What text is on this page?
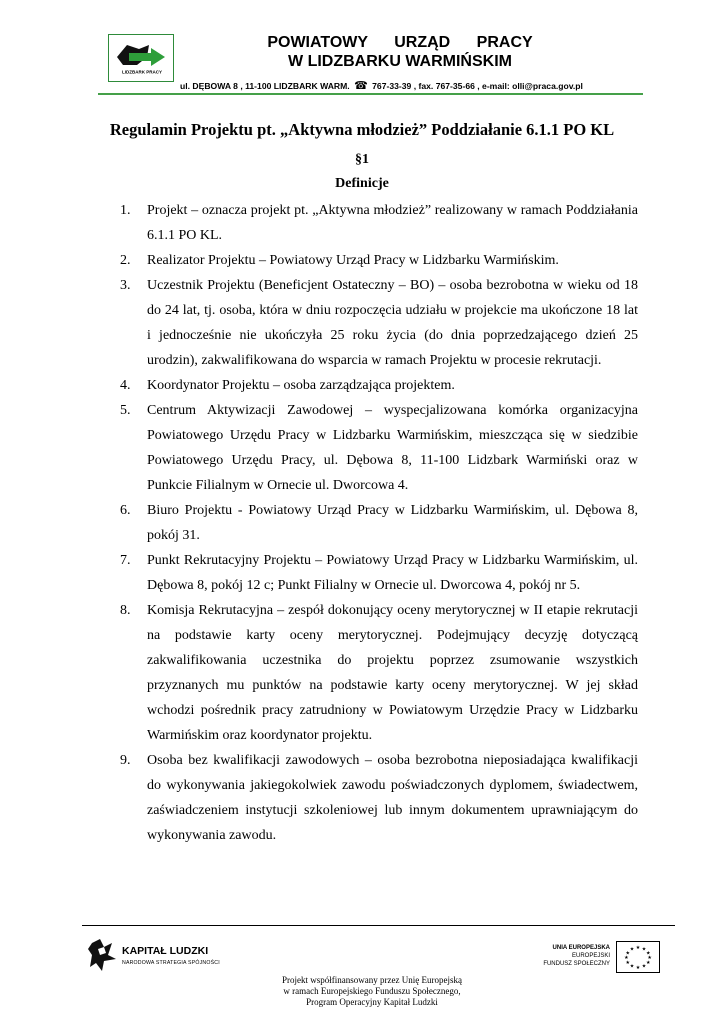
LIDZBARK PRACY
POWIATOWY URZĄD PRACY
W LIDZBARKU WARMIŃSKIM
ul. DĘBOWA 8 , 11-100 LIDZBARK WARM. ☎ 767-33-39 , fax. 767-35-66 , e-mail: olli@praca.gov.pl
Regulamin Projektu pt. „Aktywna młodzież” Poddziałanie 6.1.1 PO KL
§1
Definicje
1. Projekt – oznacza projekt pt. „Aktywna młodzież” realizowany w ramach Poddziałania 6.1.1 PO KL.
2. Realizator Projektu – Powiatowy Urząd Pracy w Lidzbarku Warmińskim.
3. Uczestnik Projektu (Beneficjent Ostateczny – BO) – osoba bezrobotna w wieku od 18 do 24 lat, tj. osoba, która w dniu rozpoczęcia udziału w projekcie ma ukończone 18 lat i jednocześnie nie ukończyła 25 roku życia (do dnia poprzedzającego dzień 25 urodzin), zakwalifikowana do wsparcia w ramach Projektu w procesie rekrutacji.
4. Koordynator Projektu – osoba zarządzająca projektem.
5. Centrum Aktywizacji Zawodowej – wyspecjalizowana komórka organizacyjna Powiatowego Urzędu Pracy w Lidzbarku Warmińskim, mieszcząca się w siedzibie Powiatowego Urzędu Pracy, ul. Dębowa 8, 11-100 Lidzbark Warmiński oraz w Punkcie Filialnym w Ornecie ul. Dworcowa 4.
6. Biuro Projektu - Powiatowy Urząd Pracy w Lidzbarku Warmińskim, ul. Dębowa 8, pokój 31.
7. Punkt Rekrutacyjny Projektu – Powiatowy Urząd Pracy w Lidzbarku Warmińskim, ul. Dębowa 8, pokój 12 c; Punkt Filialny w Ornecie ul. Dworcowa 4, pokój nr 5.
8. Komisja Rekrutacyjna – zespół dokonujący oceny merytorycznej w II etapie rekrutacji na podstawie karty oceny merytorycznej. Podejmujący decyzję dotyczącą zakwalifikowania uczestnika do projektu poprzez zsumowanie wszystkich przyznanych mu punktów na podstawie karty oceny merytorycznej. W jej skład wchodzi pośrednik pracy zatrudniony w Powiatowym Urzędzie Pracy w Lidzbarku Warmińskim oraz koordynator projektu.
9. Osoba bez kwalifikacji zawodowych – osoba bezrobotna nieposiadająca kwalifikacji do wykonywania jakiegokolwiek zawodu poświadczonych dyplomem, świadectwem, zaświadczeniem instytucji szkoleniowej lub innym dokumentem uprawniającym do wykonywania zawodu.
KAPITAŁ LUDZKI
NARODOWA STRATEGIA SPÓJNOŚCI
UNIA EUROPEJSKA
EUROPEJSKI
FUNDUSZ SPOŁECZNY
★ ★
★
★
★
★
★
★
★
★
★
★
Projekt współfinansowany przez Unię Europejską
w ramach Europejskiego Funduszu Społecznego,
Program Operacyjny Kapitał Ludzki
